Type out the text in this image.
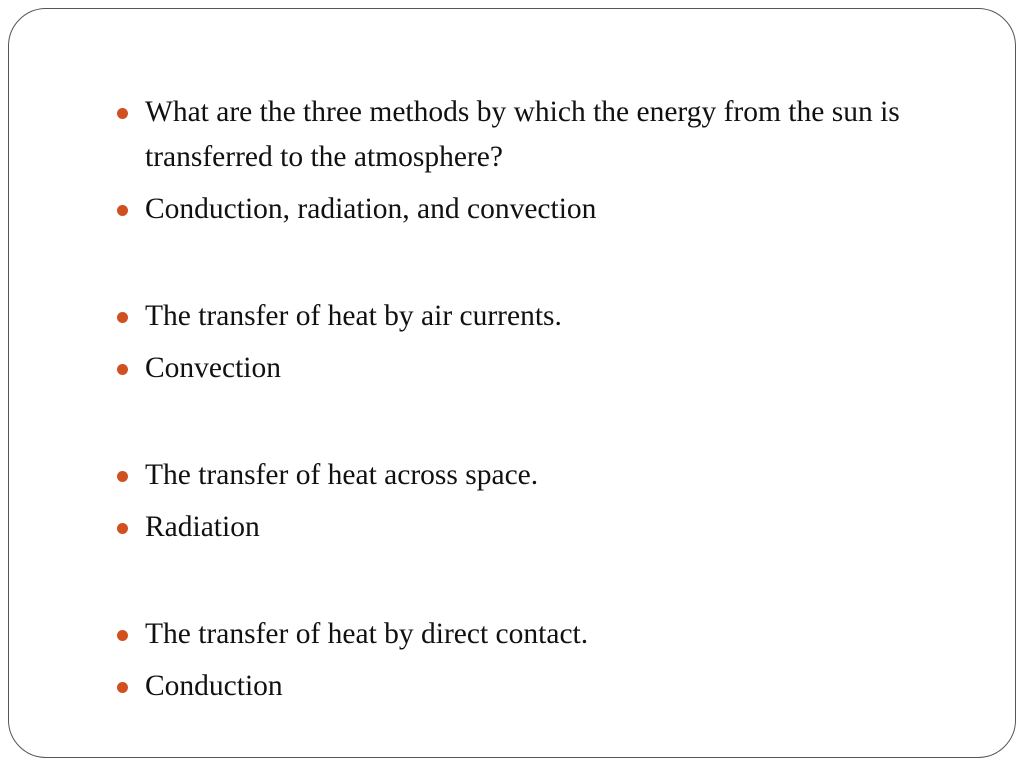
What are the three methods by which the energy from the sun is transferred to the atmosphere?
Conduction, radiation, and convection
The transfer of heat by air currents.
Convection
The transfer of heat across space.
Radiation
The transfer of heat by direct contact.
Conduction
